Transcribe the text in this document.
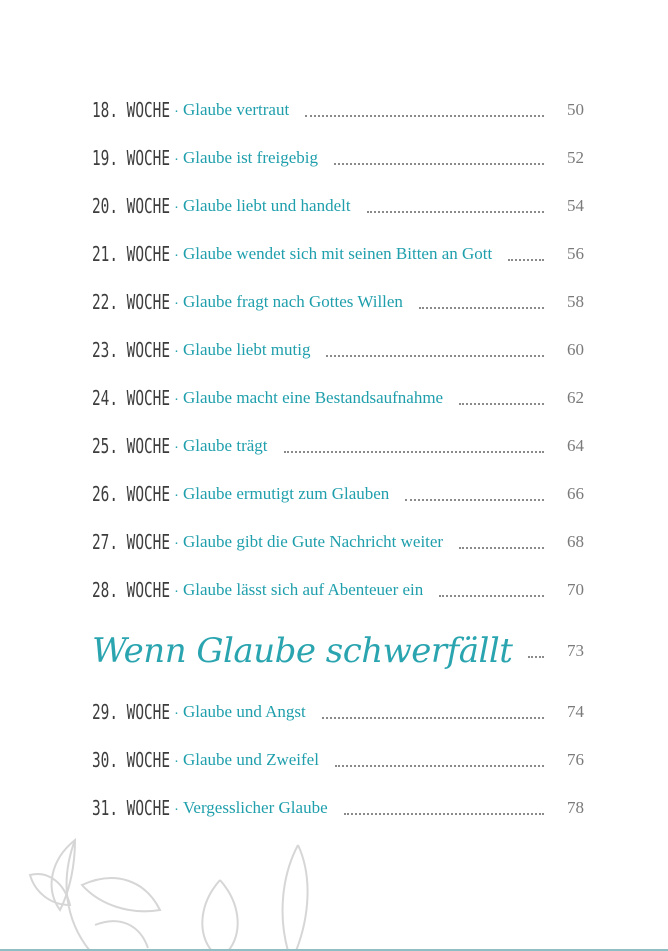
18. WOCHE · Glaube vertraut	50
19. WOCHE · Glaube ist freigebig	52
20. WOCHE · Glaube liebt und handelt	54
21. WOCHE · Glaube wendet sich mit seinen Bitten an Gott	56
22. WOCHE · Glaube fragt nach Gottes Willen	58
23. WOCHE · Glaube liebt mutig	60
24. WOCHE · Glaube macht eine Bestandsaufnahme	62
25. WOCHE · Glaube trägt	64
26. WOCHE · Glaube ermutigt zum Glauben	66
27. WOCHE · Glaube gibt die Gute Nachricht weiter	68
28. WOCHE · Glaube lässt sich auf Abenteuer ein	70
Wenn Glaube schwerfällt	73
29. WOCHE · Glaube und Angst	74
30. WOCHE · Glaube und Zweifel	76
31. WOCHE · Vergesslicher Glaube	78
